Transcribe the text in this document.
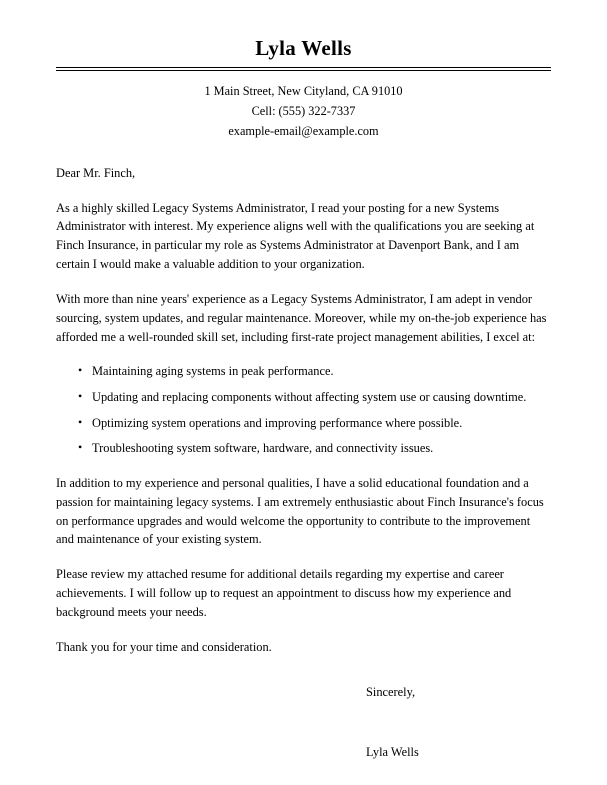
Lyla Wells
1 Main Street, New Cityland, CA 91010
Cell: (555) 322-7337
example-email@example.com

Dear Mr. Finch,

As a highly skilled Legacy Systems Administrator, I read your posting for a new Systems Administrator with interest. My experience aligns well with the qualifications you are seeking at Finch Insurance, in particular my role as Systems Administrator at Davenport Bank, and I am certain I would make a valuable addition to your organization.

With more than nine years' experience as a Legacy Systems Administrator, I am adept in vendor sourcing, system updates, and regular maintenance. Moreover, while my on-the-job experience has afforded me a well-rounded skill set, including first-rate project management abilities, I excel at:

• Maintaining aging systems in peak performance.
• Updating and replacing components without affecting system use or causing downtime.
• Optimizing system operations and improving performance where possible.
• Troubleshooting system software, hardware, and connectivity issues.

In addition to my experience and personal qualities, I have a solid educational foundation and a passion for maintaining legacy systems. I am extremely enthusiastic about Finch Insurance's focus on performance upgrades and would welcome the opportunity to contribute to the improvement and maintenance of your existing system.

Please review my attached resume for additional details regarding my expertise and career achievements. I will follow up to request an appointment to discuss how my experience and background meets your needs.

Thank you for your time and consideration.

Sincerely,

Lyla Wells
